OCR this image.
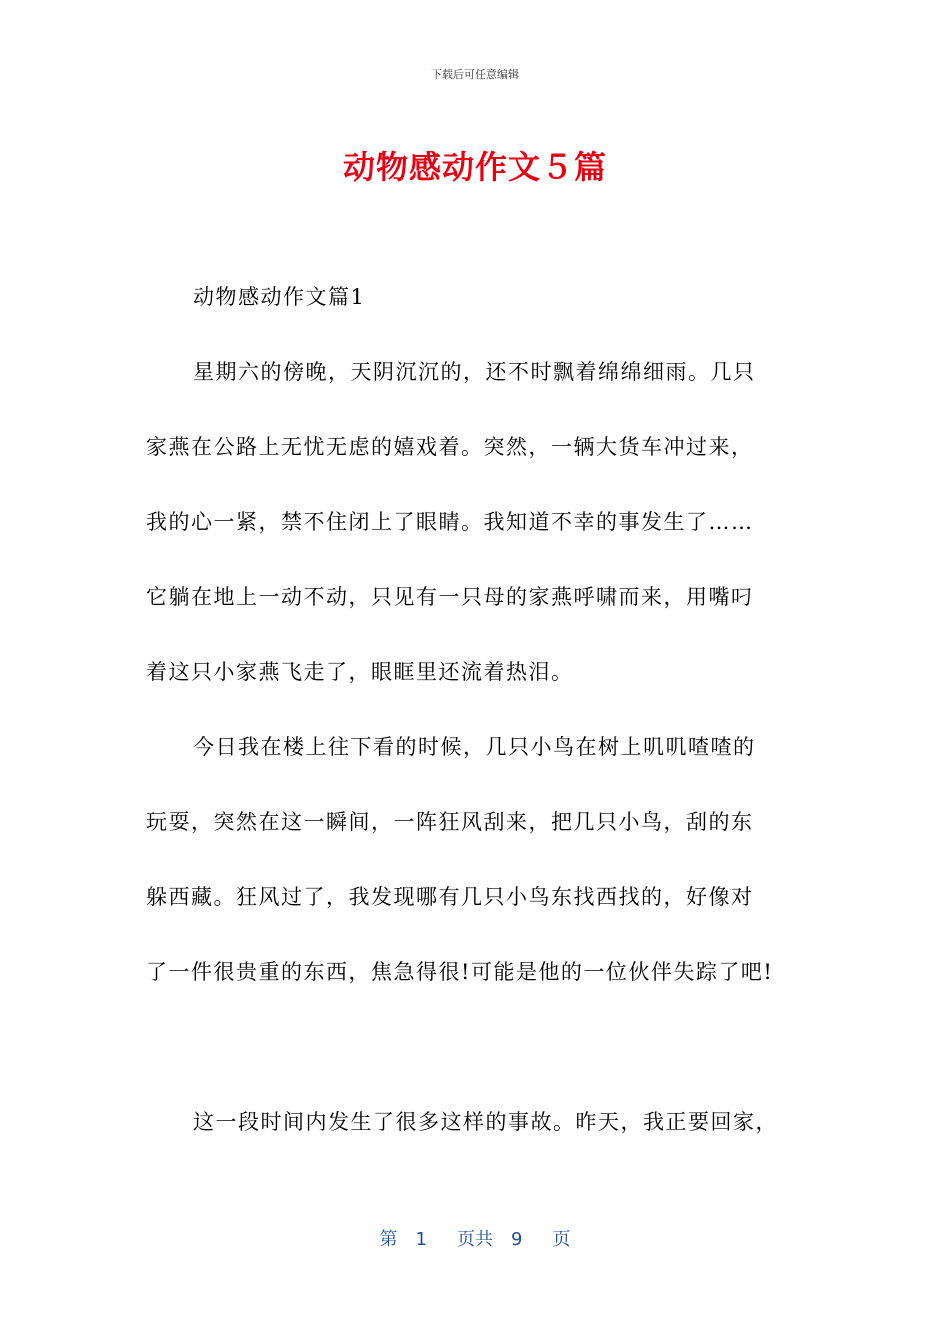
下载后可任意编辑
动物感动作文５篇
动物感动作文篇1
星期六的傍晚，天阴沉沉的，还不时飘着绵绵细雨。几只
家燕在公路上无忧无虑的嬉戏着。突然，一辆大货车冲过来，
我的心一紧，禁不住闭上了眼睛。我知道不幸的事发生了……
它躺在地上一动不动，只见有一只母的家燕呼啸而来，用嘴叼
着这只小家燕飞走了，眼眶里还流着热泪。
今日我在楼上往下看的时候，几只小鸟在树上叽叽喳喳的
玩耍，突然在这一瞬间，一阵狂风刮来，把几只小鸟，刮的东
躲西藏。狂风过了，我发现哪有几只小鸟东找西找的，好像对
了一件很贵重的东西，焦急得很!可能是他的一位伙伴失踪了吧!
这一段时间内发生了很多这样的事故。昨天，我正要回家，
第 1 页共 9 页
